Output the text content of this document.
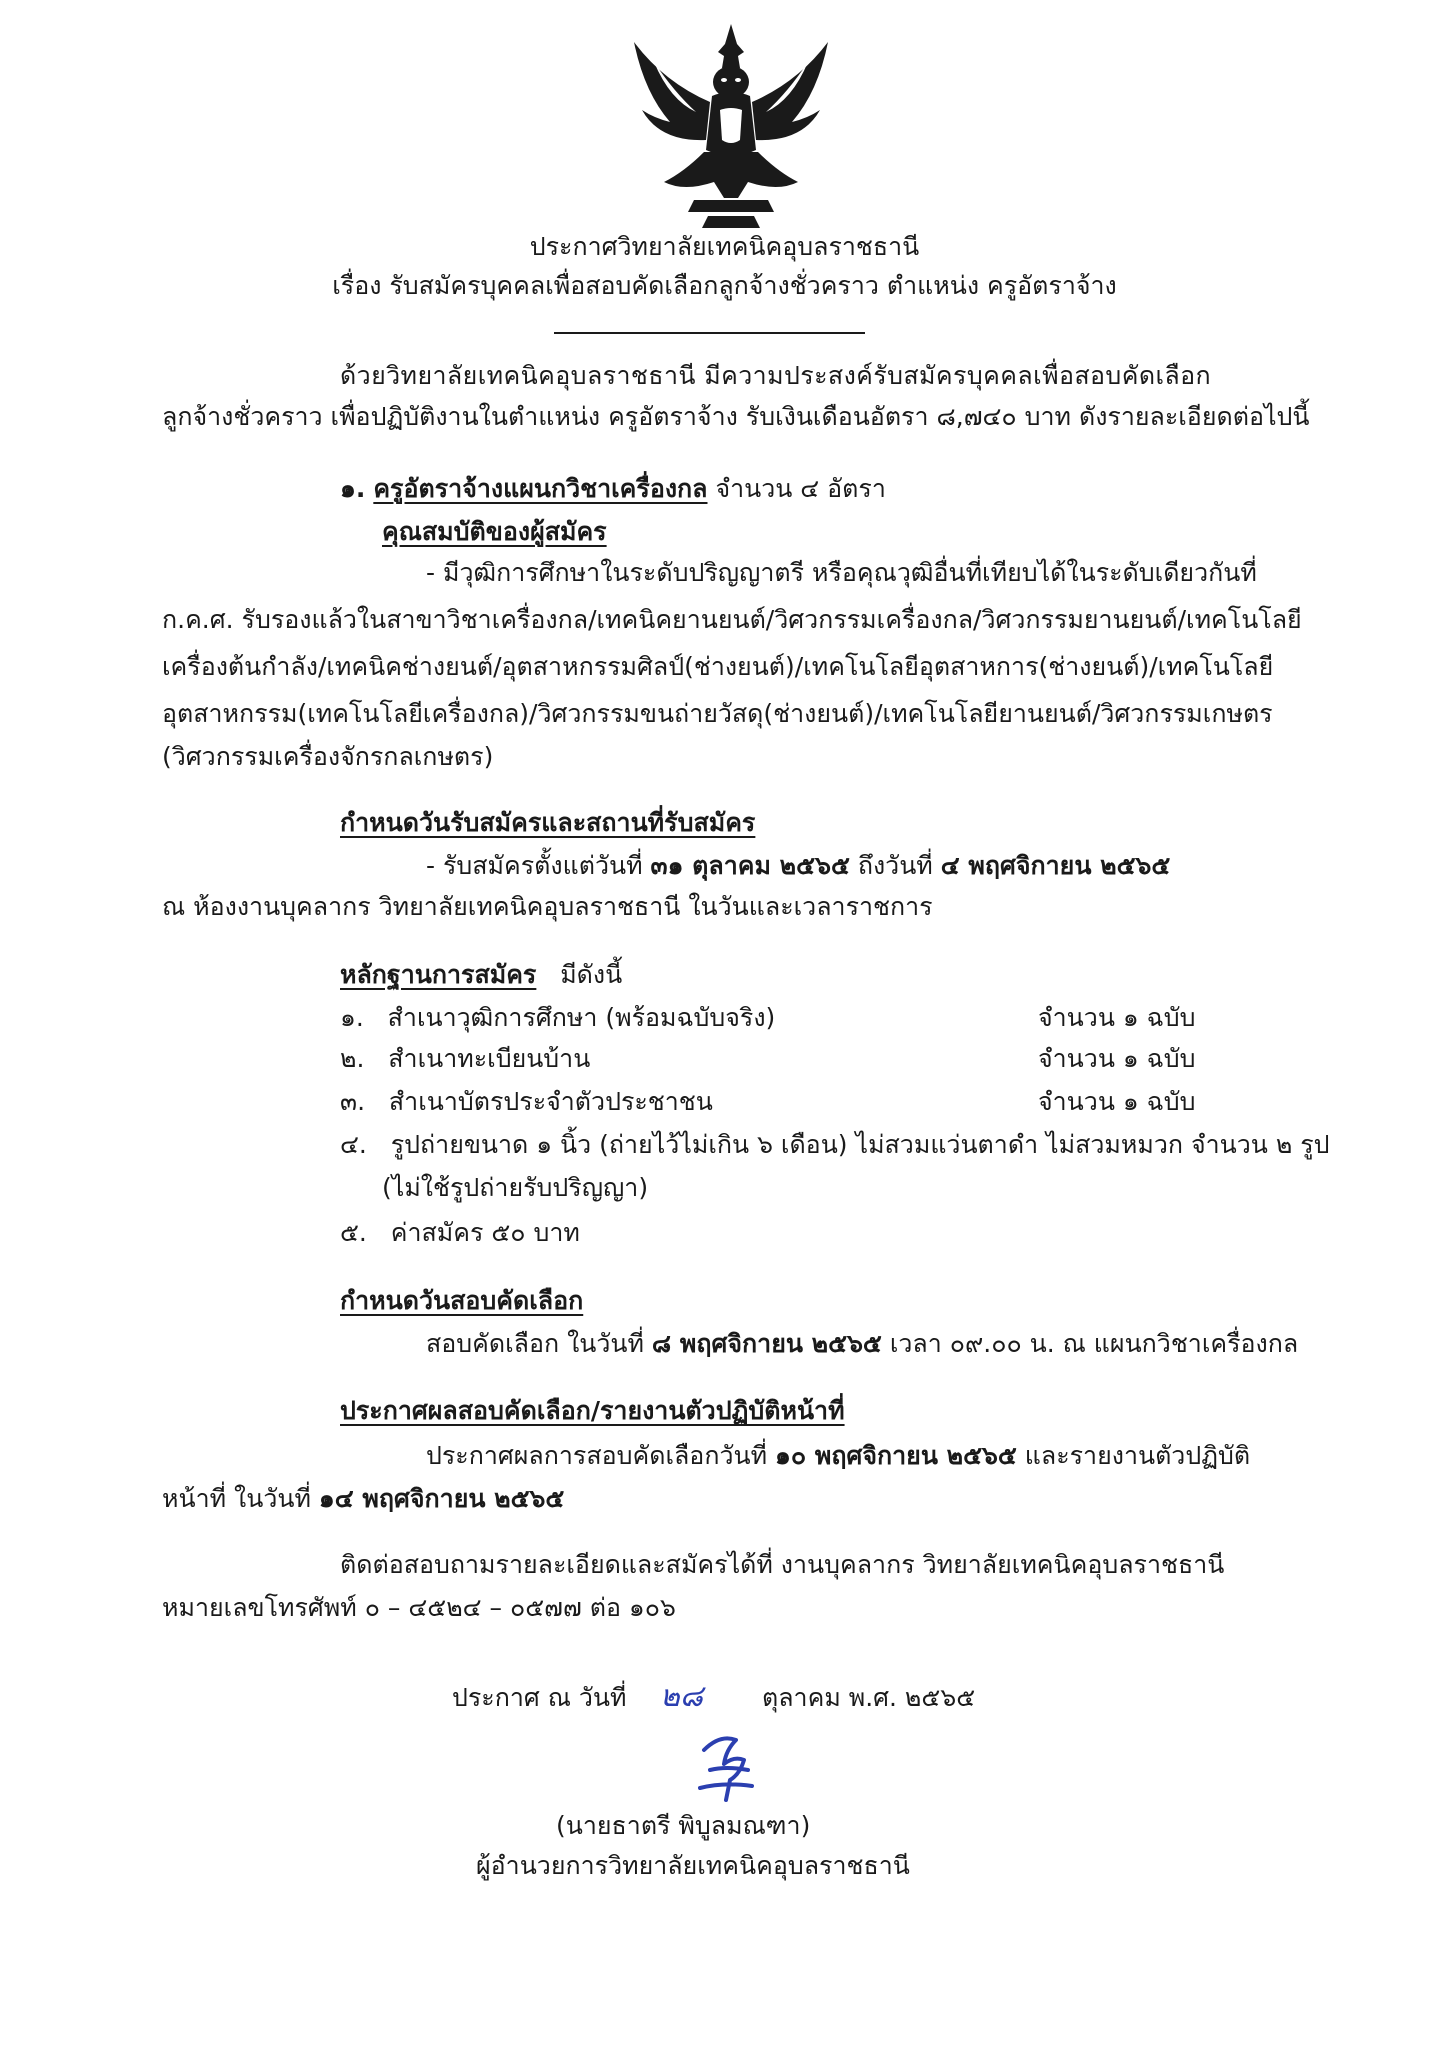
ประกาศวิทยาลัยเทคนิคอุบลราชธานี
เรื่อง รับสมัครบุคคลเพื่อสอบคัดเลือกลูกจ้างชั่วคราว ตำแหน่ง ครูอัตราจ้าง
ด้วยวิทยาลัยเทคนิคอุบลราชธานี มีความประสงค์รับสมัครบุคคลเพื่อสอบคัดเลือก
ลูกจ้างชั่วคราว เพื่อปฏิบัติงานในตำแหน่ง ครูอัตราจ้าง รับเงินเดือนอัตรา ๘,๗๔๐ บาท ดังรายละเอียดต่อไปนี้
๑. ครูอัตราจ้างแผนกวิชาเครื่องกล จำนวน ๔ อัตรา
คุณสมบัติของผู้สมัคร
- มีวุฒิการศึกษาในระดับปริญญาตรี หรือคุณวุฒิอื่นที่เทียบได้ในระดับเดียวกันที่
ก.ค.ศ. รับรองแล้วในสาขาวิชาเครื่องกล/เทคนิคยานยนต์/วิศวกรรมเครื่องกล/วิศวกรรมยานยนต์/เทคโนโลยี
เครื่องต้นกำลัง/เทคนิคช่างยนต์/อุตสาหกรรมศิลป์(ช่างยนต์)/เทคโนโลยีอุตสาหการ(ช่างยนต์)/เทคโนโลยี
อุตสาหกรรม(เทคโนโลยีเครื่องกล)/วิศวกรรมขนถ่ายวัสดุ(ช่างยนต์)/เทคโนโลยียานยนต์/วิศวกรรมเกษตร
(วิศวกรรมเครื่องจักรกลเกษตร)
กำหนดวันรับสมัครและสถานที่รับสมัคร
- รับสมัครตั้งแต่วันที่ ๓๑ ตุลาคม ๒๕๖๕ ถึงวันที่ ๔ พฤศจิกายน ๒๕๖๕
ณ ห้องงานบุคลากร วิทยาลัยเทคนิคอุบลราชธานี ในวันและเวลาราชการ
หลักฐานการสมัคร มีดังนี้
๑. สำเนาวุฒิการศึกษา (พร้อมฉบับจริง)	จำนวน ๑ ฉบับ
๒. สำเนาทะเบียนบ้าน	จำนวน ๑ ฉบับ
๓. สำเนาบัตรประจำตัวประชาชน	จำนวน ๑ ฉบับ
๔. รูปถ่ายขนาด ๑ นิ้ว (ถ่ายไว้ไม่เกิน ๖ เดือน) ไม่สวมแว่นตาดำ ไม่สวมหมวก จำนวน ๒ รูป
(ไม่ใช้รูปถ่ายรับปริญญา)
๕. ค่าสมัคร ๕๐ บาท
กำหนดวันสอบคัดเลือก
สอบคัดเลือก ในวันที่ ๘ พฤศจิกายน ๒๕๖๕ เวลา ๐๙.๐๐ น. ณ แผนกวิชาเครื่องกล
ประกาศผลสอบคัดเลือก/รายงานตัวปฏิบัติหน้าที่
ประกาศผลการสอบคัดเลือกวันที่ ๑๐ พฤศจิกายน ๒๕๖๕ และรายงานตัวปฏิบัติ
หน้าที่ ในวันที่ ๑๔ พฤศจิกายน ๒๕๖๕
ติดต่อสอบถามรายละเอียดและสมัครได้ที่ งานบุคลากร วิทยาลัยเทคนิคอุบลราชธานี
หมายเลขโทรศัพท์ ๐ – ๔๕๒๔ – ๐๕๗๗ ต่อ ๑๐๖
ประกาศ ณ วันที่ ๒๘ ตุลาคม พ.ศ. ๒๕๖๕
(นายธาตรี พิบูลมณฑา)
ผู้อำนวยการวิทยาลัยเทคนิคอุบลราชธานี
